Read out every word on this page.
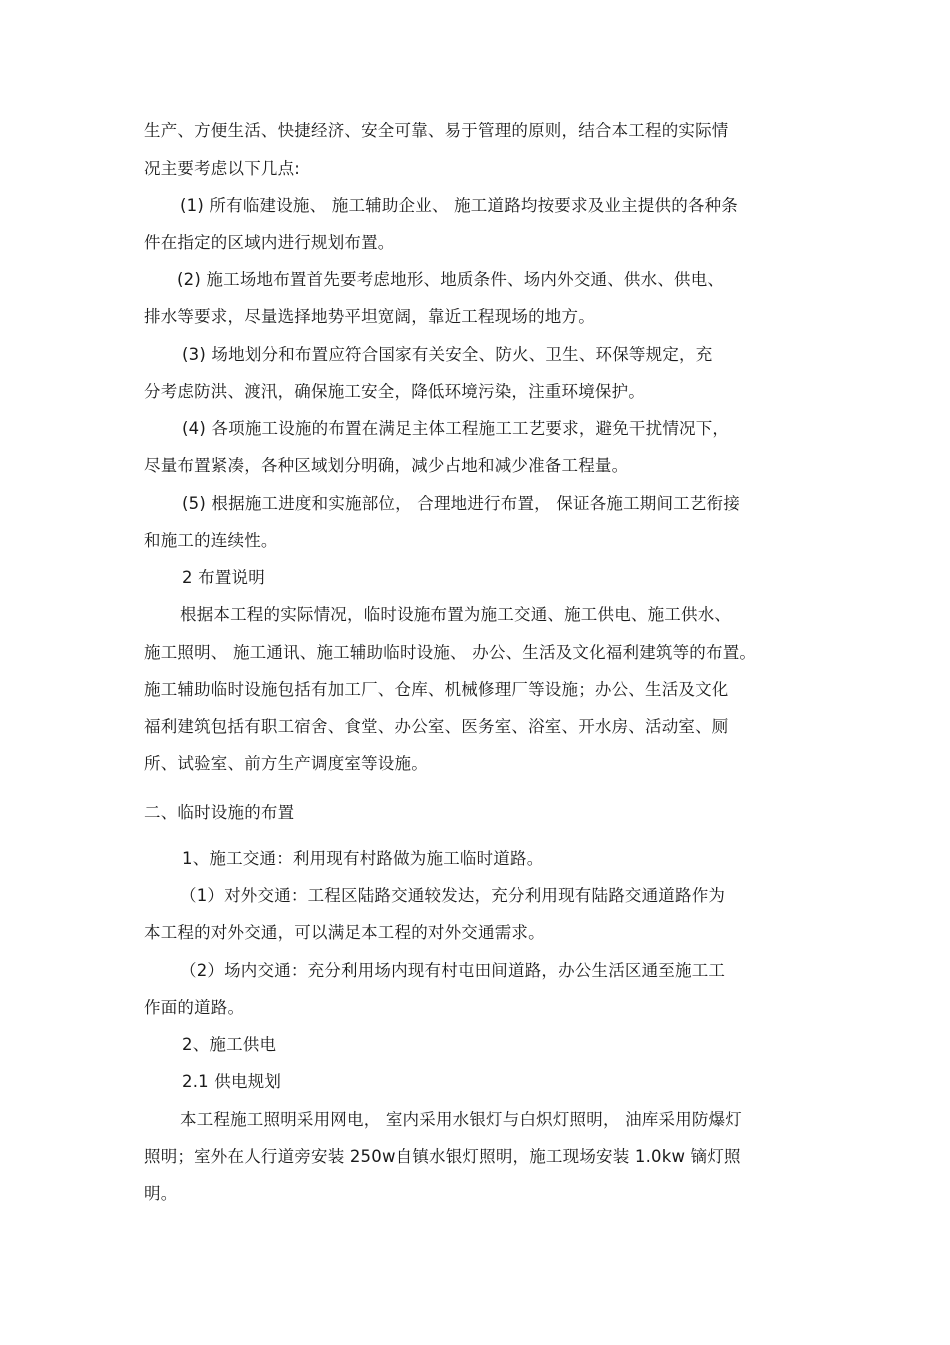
生产、方便生活、快捷经济、安全可靠、易于管理的原则，结合本工程的实际情

况主要考虑以下几点:

(1) 所有临建设施、 施工辅助企业、 施工道路均按要求及业主提供的各种条

件在指定的区域内进行规划布置。

(2) 施工场地布置首先要考虑地形、地质条件、场内外交通、供水、供电、

排水等要求，尽量选择地势平坦宽阔，靠近工程现场的地方。

(3) 场地划分和布置应符合国家有关安全、防火、卫生、环保等规定，充

分考虑防洪、渡汛，确保施工安全，降低环境污染，注重环境保护。

(4) 各项施工设施的布置在满足主体工程施工工艺要求，避免干扰情况下，

尽量布置紧凑，各种区域划分明确，减少占地和减少准备工程量。

(5) 根据施工进度和实施部位， 合理地进行布置， 保证各施工期间工艺衔接

和施工的连续性。

2 布置说明

根据本工程的实际情况，临时设施布置为施工交通、施工供电、施工供水、

施工照明、 施工通讯、施工辅助临时设施、 办公、生活及文化福利建筑等的布置。

施工辅助临时设施包括有加工厂、仓库、机械修理厂等设施；办公、生活及文化

福利建筑包括有职工宿舍、食堂、办公室、医务室、浴室、开水房、活动室、厕

所、试验室、前方生产调度室等设施。

二、临时设施的布置

1、施工交通：利用现有村路做为施工临时道路。

（1）对外交通：工程区陆路交通较发达，充分利用现有陆路交通道路作为

本工程的对外交通，可以满足本工程的对外交通需求。

（2）场内交通：充分利用场内现有村屯田间道路，办公生活区通至施工工

作面的道路。

2、施工供电

2.1 供电规划

本工程施工照明采用网电， 室内采用水银灯与白炽灯照明， 油库采用防爆灯

照明；室外在人行道旁安装 250w自镇水银灯照明，施工现场安装 1.0kw 镝灯照

明。
